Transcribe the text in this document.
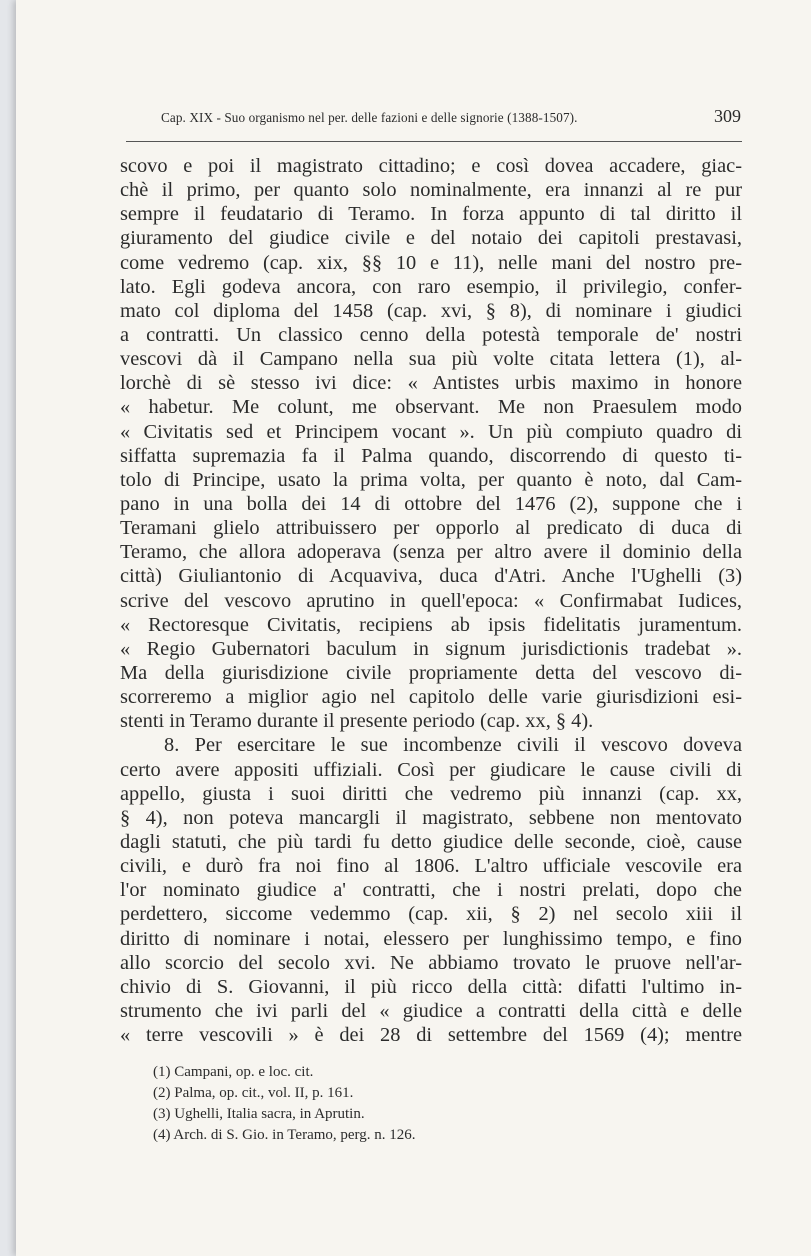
Cap. XIX - Suo organismo nel per. delle fazioni e delle signorie (1388-1507).	309
scovo e poi il magistrato cittadino; e così dovea accadere, giac-
chè il primo, per quanto solo nominalmente, era innanzi al re pur
sempre il feudatario di Teramo. In forza appunto di tal diritto il
giuramento del giudice civile e del notaio dei capitoli prestavasi,
come vedremo (cap. xix, §§ 10 e 11), nelle mani del nostro pre-
lato. Egli godeva ancora, con raro esempio, il privilegio, confer-
mato col diploma del 1458 (cap. xvi, § 8), di nominare i giudici
a contratti. Un classico cenno della potestà temporale de' nostri
vescovi dà il Campano nella sua più volte citata lettera (1), al-
lorchè di sè stesso ivi dice: « Antistes urbis maximo in honore
« habetur. Me colunt, me observant. Me non Praesulem modo
« Civitatis sed et Principem vocant ». Un più compiuto quadro di
siffatta supremazia fa il Palma quando, discorrendo di questo ti-
tolo di Principe, usato la prima volta, per quanto è noto, dal Cam-
pano in una bolla dei 14 di ottobre del 1476 (2), suppone che i
Teramani glielo attribuissero per opporlo al predicato di duca di
Teramo, che allora adoperava (senza per altro avere il dominio della
città) Giuliantonio di Acquaviva, duca d'Atri. Anche l'Ughelli (3)
scrive del vescovo aprutino in quell'epoca: « Confirmabat Iudices,
« Rectoresque Civitatis, recipiens ab ipsis fidelitatis juramentum.
« Regio Gubernatori baculum in signum jurisdictionis tradebat ».
Ma della giurisdizione civile propriamente detta del vescovo di-
scorreremo a miglior agio nel capitolo delle varie giurisdizioni esi-
stenti in Teramo durante il presente periodo (cap. xx, § 4).
8. Per esercitare le sue incombenze civili il vescovo doveva
certo avere appositi uffiziali. Così per giudicare le cause civili di
appello, giusta i suoi diritti che vedremo più innanzi (cap. xx,
§ 4), non poteva mancargli il magistrato, sebbene non mentovato
dagli statuti, che più tardi fu detto giudice delle seconde, cioè, cause
civili, e durò fra noi fino al 1806. L'altro ufficiale vescovile era
l'or nominato giudice a' contratti, che i nostri prelati, dopo che
perdettero, siccome vedemmo (cap. xii, § 2) nel secolo xiii il
diritto di nominare i notai, elessero per lunghissimo tempo, e fino
allo scorcio del secolo xvi. Ne abbiamo trovato le pruove nell'ar-
chivio di S. Giovanni, il più ricco della città: difatti l'ultimo in-
strumento che ivi parli del « giudice a contratti della città e delle
« terre vescovili » è dei 28 di settembre del 1569 (4); mentre
(1) Campani, op. e loc. cit.
(2) Palma, op. cit., vol. II, p. 161.
(3) Ughelli, Italia sacra, in Aprutin.
(4) Arch. di S. Gio. in Teramo, perg. n. 126.
